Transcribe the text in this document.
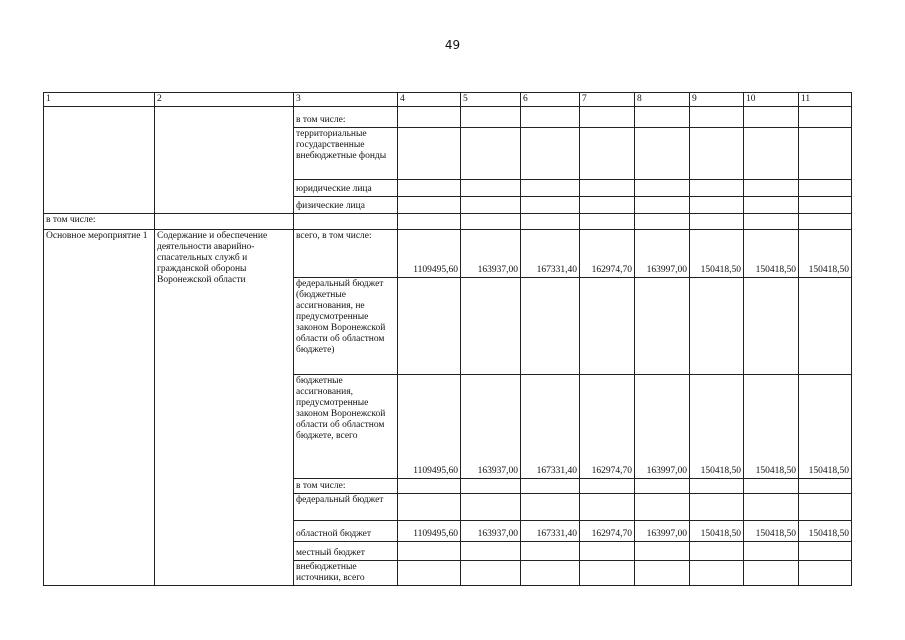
49
1	2	3	4	5	6	7	8	9	10	11
		в том числе:								
		территориальные государственные внебюджетные фонды								
		юридические лица								
		физические лица								
в том числе:										
Основное мероприятие 1	Содержание и обеспечение деятельности аварийно-спасательных служб и гражданской обороны Воронежской области	всего, в том числе:	1109495,60	163937,00	167331,40	162974,70	163997,00	150418,50	150418,50	150418,50
		федеральный бюджет (бюджетные ассигнования, не предусмотренные законом Воронежской области об областном бюджете)								
		бюджетные ассигнования, предусмотренные законом Воронежской области об областном бюджете, всего	1109495,60	163937,00	167331,40	162974,70	163997,00	150418,50	150418,50	150418,50
		в том числе:								
		федеральный бюджет								
		областной бюджет	1109495,60	163937,00	167331,40	162974,70	163997,00	150418,50	150418,50	150418,50
		местный бюджет								
		внебюджетные источники, всего								
